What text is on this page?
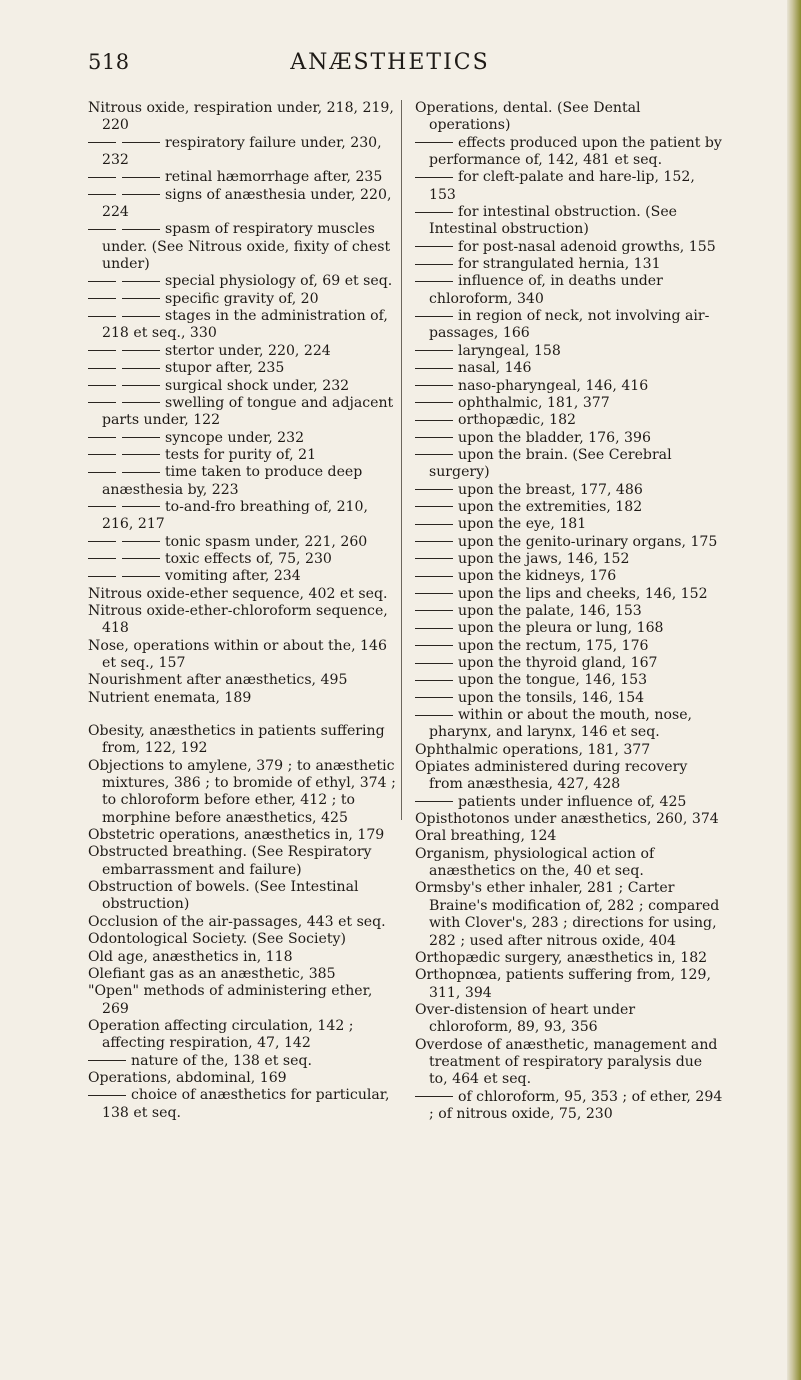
518	ANÆSTHETICS
Nitrous oxide, respiration under, 218, 219, 220
respiratory failure under, 230, 232
retinal hæmorrhage after, 235
signs of anæsthesia under, 220, 224
spasm of respiratory muscles under. (See Nitrous oxide, fixity of chest under)
special physiology of, 69 et seq.
specific gravity of, 20
stages in the administration of, 218 et seq., 330
stertor under, 220, 224
stupor after, 235
surgical shock under, 232
swelling of tongue and adjacent parts under, 122
syncope under, 232
tests for purity of, 21
time taken to produce deep anæsthesia by, 223
to-and-fro breathing of, 210, 216, 217
tonic spasm under, 221, 260
toxic effects of, 75, 230
vomiting after, 234
Nitrous oxide-ether sequence, 402 et seq.
Nitrous oxide-ether-chloroform sequence, 418
Nose, operations within or about the, 146 et seq., 157
Nourishment after anæsthetics, 495
Nutrient enemata, 189
Obesity, anæsthetics in patients suffering from, 122, 192
Objections to amylene, 379 ; to anæsthetic mixtures, 386 ; to bromide of ethyl, 374 ; to chloroform before ether, 412 ; to morphine before anæsthetics, 425
Obstetric operations, anæsthetics in, 179
Obstructed breathing. (See Respiratory embarrassment and failure)
Obstruction of bowels. (See Intestinal obstruction)
Occlusion of the air-passages, 443 et seq.
Odontological Society. (See Society)
Old age, anæsthetics in, 118
Olefiant gas as an anæsthetic, 385
"Open" methods of administering ether, 269
Operation affecting circulation, 142 ; affecting respiration, 47, 142
nature of the, 138 et seq.
Operations, abdominal, 169
choice of anæsthetics for particular, 138 et seq.
Operations, dental. (See Dental operations)
effects produced upon the patient by performance of, 142, 481 et seq.
for cleft-palate and hare-lip, 152, 153
for intestinal obstruction. (See Intestinal obstruction)
for post-nasal adenoid growths, 155
for strangulated hernia, 131
influence of, in deaths under chloroform, 340
in region of neck, not involving air-passages, 166
laryngeal, 158
nasal, 146
naso-pharyngeal, 146, 416
ophthalmic, 181, 377
orthopædic, 182
upon the bladder, 176, 396
upon the brain. (See Cerebral surgery)
upon the breast, 177, 486
upon the extremities, 182
upon the eye, 181
upon the genito-urinary organs, 175
upon the jaws, 146, 152
upon the kidneys, 176
upon the lips and cheeks, 146, 152
upon the palate, 146, 153
upon the pleura or lung, 168
upon the rectum, 175, 176
upon the thyroid gland, 167
upon the tongue, 146, 153
upon the tonsils, 146, 154
within or about the mouth, nose, pharynx, and larynx, 146 et seq.
Ophthalmic operations, 181, 377
Opiates administered during recovery from anæsthesia, 427, 428
patients under influence of, 425
Opisthotonos under anæsthetics, 260, 374
Oral breathing, 124
Organism, physiological action of anæsthetics on the, 40 et seq.
Ormsby's ether inhaler, 281 ; Carter Braine's modification of, 282 ; compared with Clover's, 283 ; directions for using, 282 ; used after nitrous oxide, 404
Orthopædic surgery, anæsthetics in, 182
Orthopnœa, patients suffering from, 129, 311, 394
Over-distension of heart under chloroform, 89, 93, 356
Overdose of anæsthetic, management and treatment of respiratory paralysis due to, 464 et seq.
of chloroform, 95, 353 ; of ether, 294 ; of nitrous oxide, 75, 230
